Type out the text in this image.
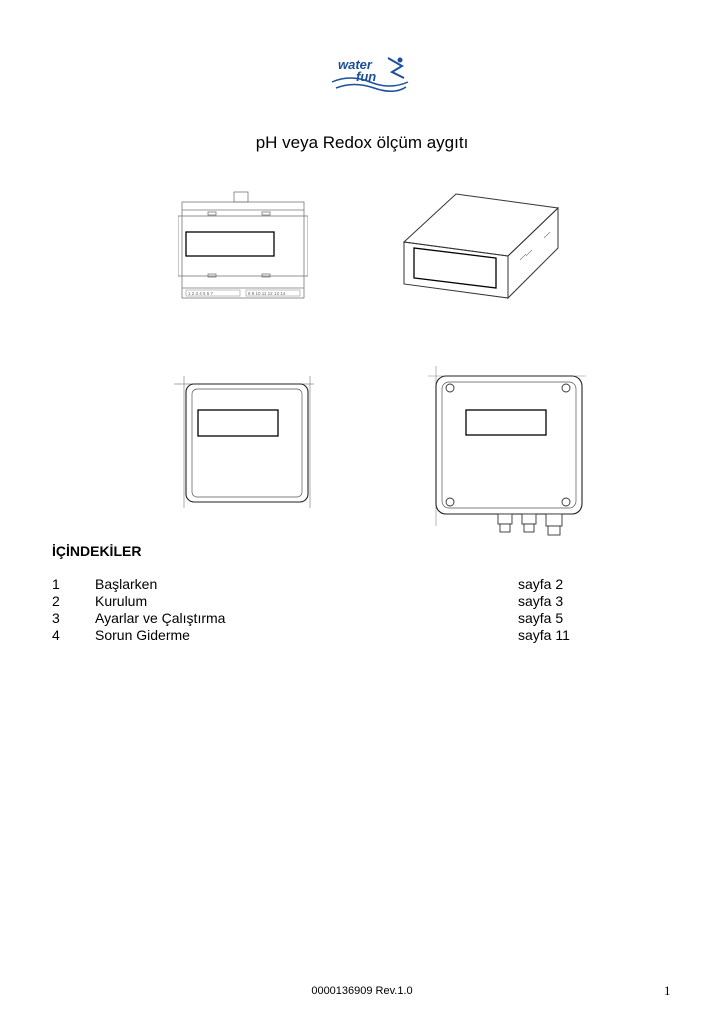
water
fun
pH veya Redox ölçüm aygıtı
1 2 3 4 5 6 7	8 9 10 11 12 13 14
İÇİNDEKİLER
1	Başlarken	sayfa 2
2	Kurulum	sayfa 3
3	Ayarlar ve Çalıştırma	sayfa 5
4	Sorun Giderme	sayfa 11
0000136909 Rev.1.0	1
